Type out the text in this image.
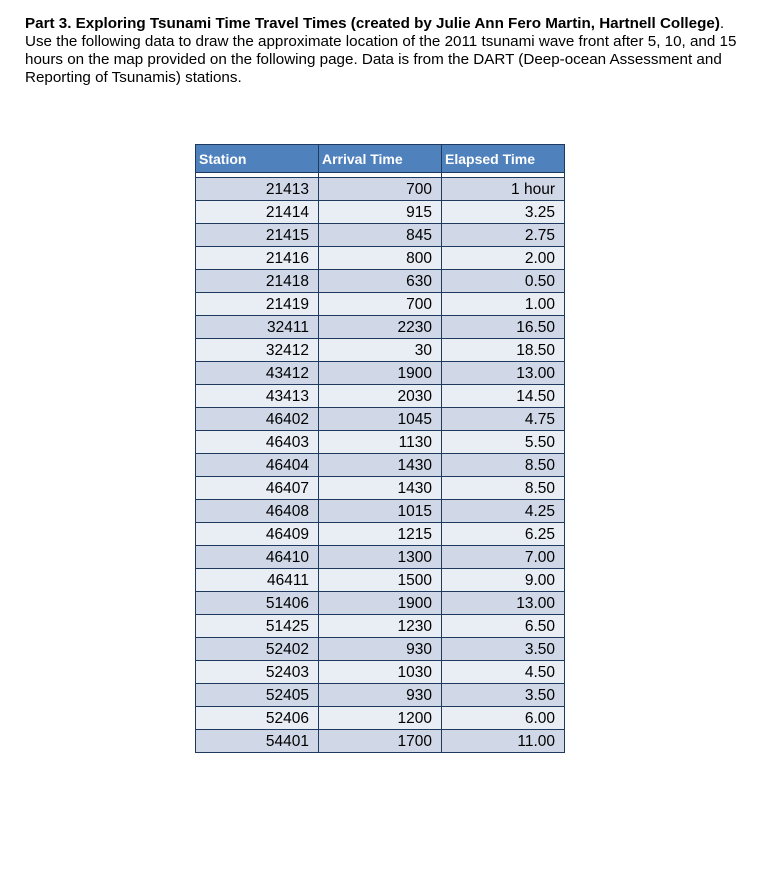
Part 3. Exploring Tsunami Time Travel Times (created by Julie Ann Fero Martin, Hartnell College). Use the following data to draw the approximate location of the 2011 tsunami wave front after 5, 10, and 15 hours on the map provided on the following page. Data is from the DART (Deep-ocean Assessment and Reporting of Tsunamis) stations.
Station	Arrival Time	Elapsed Time

21413	700	1 hour
21414	915	3.25
21415	845	2.75
21416	800	2.00
21418	630	0.50
21419	700	1.00
32411	2230	16.50
32412	30	18.50
43412	1900	13.00
43413	2030	14.50
46402	1045	4.75
46403	1130	5.50
46404	1430	8.50
46407	1430	8.50
46408	1015	4.25
46409	1215	6.25
46410	1300	7.00
46411	1500	9.00
51406	1900	13.00
51425	1230	6.50
52402	930	3.50
52403	1030	4.50
52405	930	3.50
52406	1200	6.00
54401	1700	11.00
